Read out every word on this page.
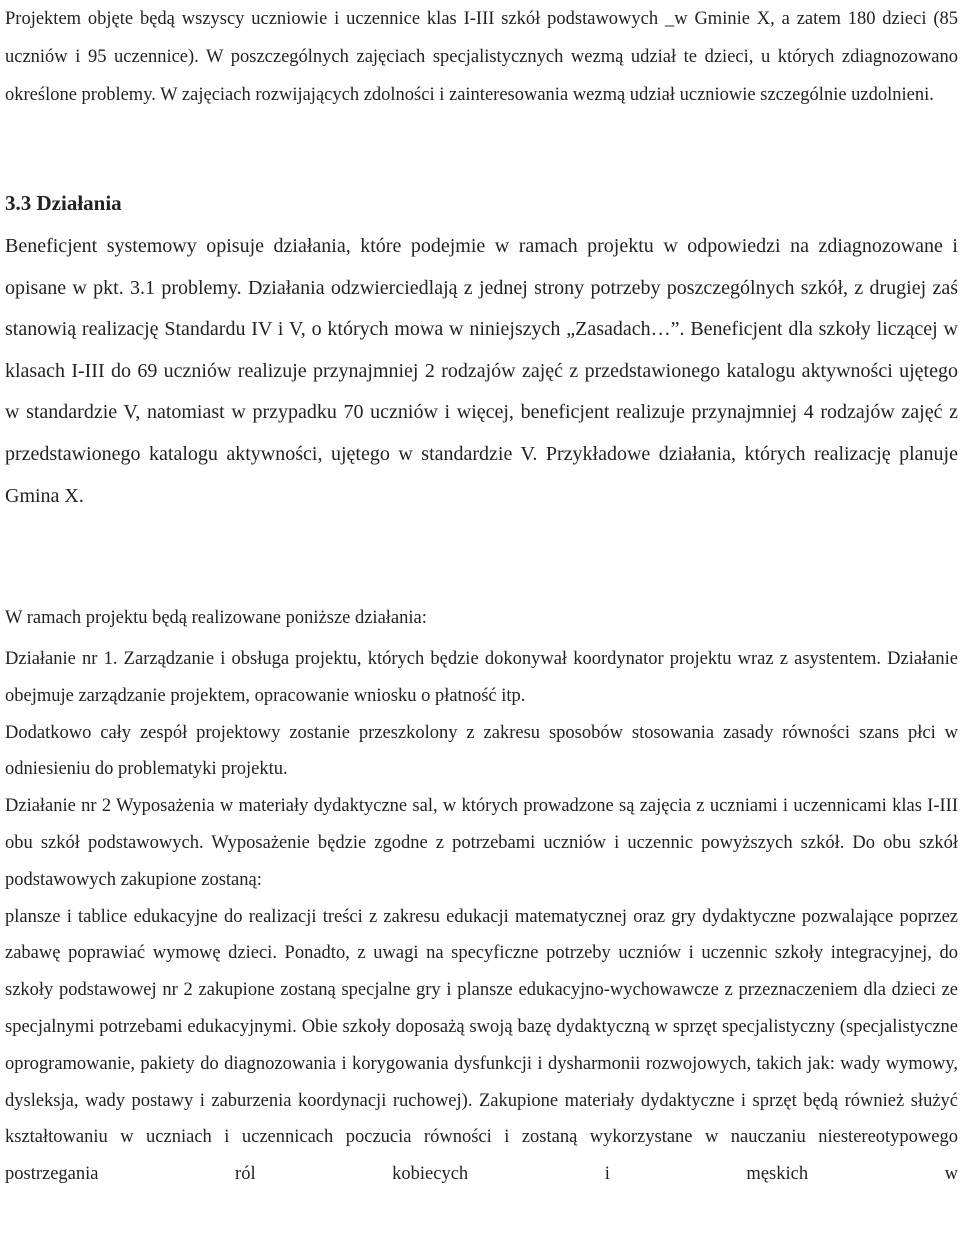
Projektem objęte będą wszyscy uczniowie i uczennice klas I-III szkół podstawowych _w Gminie X, a zatem 180 dzieci (85 uczniów i 95 uczennice). W poszczególnych zajęciach specjalistycznych wezmą udział te dzieci, u których zdiagnozowano określone problemy. W zajęciach rozwijających zdolności i zainteresowania wezmą udział uczniowie szczególnie uzdolnieni.

3.3 Działania

Beneficjent systemowy opisuje działania, które podejmie w ramach projektu w odpowiedzi na zdiagnozowane i opisane w pkt. 3.1 problemy. Działania odzwierciedlają z jednej strony potrzeby poszczególnych szkół, z drugiej zaś stanowią realizację Standardu IV i V, o których mowa w niniejszych „Zasadach…”. Beneficjent dla szkoły liczącej w klasach I-III do 69 uczniów realizuje przynajmniej 2 rodzajów zajęć z przedstawionego katalogu aktywności ujętego w standardzie V, natomiast w przypadku 70 uczniów i więcej, beneficjent realizuje przynajmniej 4 rodzajów zajęć z przedstawionego katalogu aktywności, ujętego w standardzie V. Przykładowe działania, których realizację planuje Gmina X.

W ramach projektu będą realizowane poniższe działania:

Działanie nr 1. Zarządzanie i obsługa projektu, których będzie dokonywał koordynator projektu wraz z asystentem. Działanie obejmuje zarządzanie projektem, opracowanie wniosku o płatność itp.

Dodatkowo cały zespół projektowy zostanie przeszkolony z zakresu sposobów stosowania zasady równości szans płci w odniesieniu do problematyki projektu.

Działanie nr 2 Wyposażenia w materiały dydaktyczne sal, w których prowadzone są zajęcia z uczniami i uczennicami klas I-III obu szkół podstawowych. Wyposażenie będzie zgodne z potrzebami uczniów i uczennic powyższych szkół. Do obu szkół podstawowych zakupione zostaną:

plansze i tablice edukacyjne do realizacji treści z zakresu edukacji matematycznej oraz gry dydaktyczne pozwalające poprzez zabawę poprawiać wymowę dzieci. Ponadto, z uwagi na specyficzne potrzeby uczniów i uczennic szkoły integracyjnej, do szkoły podstawowej nr 2 zakupione zostaną specjalne gry i plansze edukacyjno-wychowawcze z przeznaczeniem dla dzieci ze specjalnymi potrzebami edukacyjnymi. Obie szkoły doposażą swoją bazę dydaktyczną w sprzęt specjalistyczny (specjalistyczne oprogramowanie, pakiety do diagnozowania i korygowania dysfunkcji i dysharmonii rozwojowych, takich jak: wady wymowy, dysleksja, wady postawy i zaburzenia koordynacji ruchowej). Zakupione materiały dydaktyczne i sprzęt będą również służyć kształtowaniu w uczniach i uczennicach poczucia równości i zostaną wykorzystane w nauczaniu niestereotypowego postrzegania ról kobiecych i męskich w
